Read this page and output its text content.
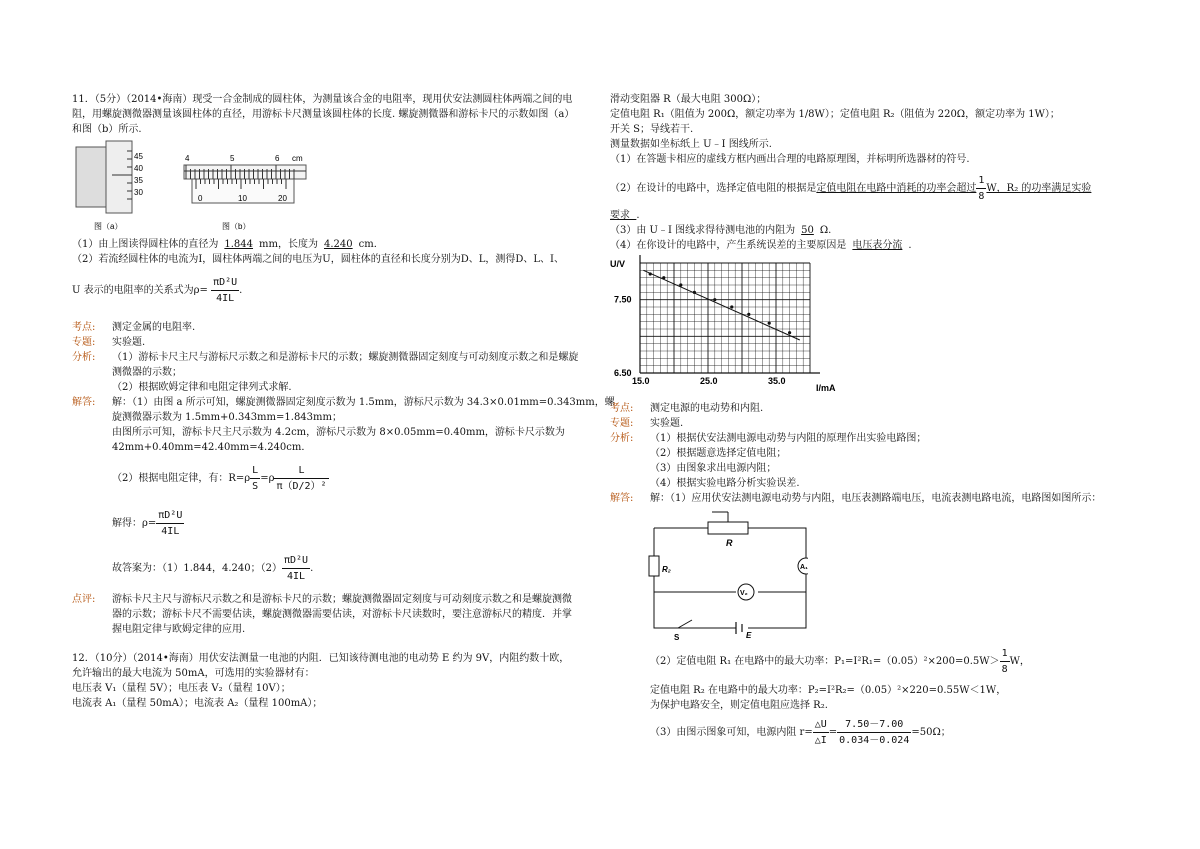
11．（5分）（2014•海南）现受一合金制成的圆柱体，为测量该合金的电阻率，现用伏安法测圆柱体两端之间的电
阻，用螺旋测微器测量该圆柱体的直径，用游标卡尺测量该圆柱体的长度. 螺旋测微器和游标卡尺的示数如图（a）
和图（b）所示.
45
40
35
30
图（a）
4	5	6 cm
0	10	20
图（b）
（1）由上图读得圆柱体的直径为 1.844 mm，长度为 4.240 cm．
（2）若流经圆柱体的电流为I，圆柱体两端之间的电压为U，圆柱体的直径和长度分别为D、L，测得D、L、I、
U 表示的电阻率的关系式为$\rho= \frac{\text{πD²U}}{4IL}$ .
考点: 测定金属的电阻率.
专题: 实验题.
分析: （1）游标卡尺主尺与游标尺示数之和是游标卡尺的示数；螺旋测微器固定刻度与可动刻度示数之和是螺旋
测微器的示数；
（2）根据欧姆定律和电阻定律列式求解.
解答: 解：（1）由图 a 所示可知，螺旋测微器固定刻度示数为 1.5mm，游标尺示数为 34.3×0.01mm=0.343mm，螺
旋测微器示数为 1.5mm+0.343mm=1.843mm；
由图所示可知，游标卡尺主尺示数为 4.2cm，游标尺示数为 8×0.05mm=0.40mm，游标卡尺示数为
42mm+0.40mm=42.40mm=4.240cm．
（2）根据电阻定律，有：$R=\rho \frac{L}{S} =\rho \frac{L}{\text{π（D/2）²}}$
解得：$\rho= \frac{\text{πD²U}}{4IL}$
故答案为：（1）1.844，4.240；$(2) \frac{\text{πD²U}}{4IL}$ .
点评: 游标卡尺主尺与游标尺示数之和是游标卡尺的示数；螺旋测微器固定刻度与可动刻度示数之和是螺旋测微
器的示数；游标卡尺不需要估读，螺旋测微器需要估读，对游标卡尺读数时，要注意游标尺的精度．并掌
握电阻定律与欧姆定律的应用.
12．（10分）（2014•海南）用伏安法测量一电池的内阻．已知该待测电池的电动势 E 约为 9V，内阻约数十欧，
允许输出的最大电流为 50mA，可选用的实验器材有：
电压表 V₁（量程 5V）；电压表 V₂（量程 10V）；
电流表 A₁（量程 50mA）；电流表 A₂（量程 100mA）；
滑动变阻器 R（最大电阻 300Ω）；
定值电阻 R₁（阻值为 200Ω，额定功率为 1/8W）；定值电阻 R₂（阻值为 220Ω，额定功率为 1W）；
开关 S；导线若干.
测量数据如坐标纸上 U﹣I 图线所示.
（1）在答题卡相应的虚线方框内画出合理的电路原理图，并标明所选器材的符号.
（2）在设计的电路中，选择定值电阻的根据是定值电阻在电路中消耗的功率会超过 $\frac{1}{8}$ W，R₂ 的功率满足实验
要求 .
（3）由 U﹣I 图线求得待测电池的内阻为 50 Ω.
（4）在你设计的电路中，产生系统误差的主要原因是 电压表分流 .
15.0	25.0	35.0
7.50
6.50
U/V
I/mA
考点: 测定电源的电动势和内阻.
专题: 实验题.
分析: （1）根据伏安法测电源电动势与内阻的原理作出实验电路图；
（2）根据题意选择定值电阻；
（3）由图象求出电源内阻；
（4）根据实验电路分析实验误差.
解答: 解：（1）应用伏安法测电源电动势与内阻，电压表测路端电压，电流表测电路电流，电路图如图所示：
R
R₂	A₁
V₂
S	E
（2）定值电阻 R₁ 在电路中的最大功率：$P_1=I^2R_1=(0.05)^2\times 200=0.5W> \frac{1}{8}$ W，
定值电阻 R₂ 在电路中的最大功率：P₂=I²R₂=（0.05）²×220=0.55W＜1W，
为保护电路安全，则定值电阻应选择 R₂.
（3）由图示图象可知，电源内阻 $r= \frac{\triangle U}{\triangle I} = \frac{7.50-7.00}{0.034-0.024} =50\Omega$；
